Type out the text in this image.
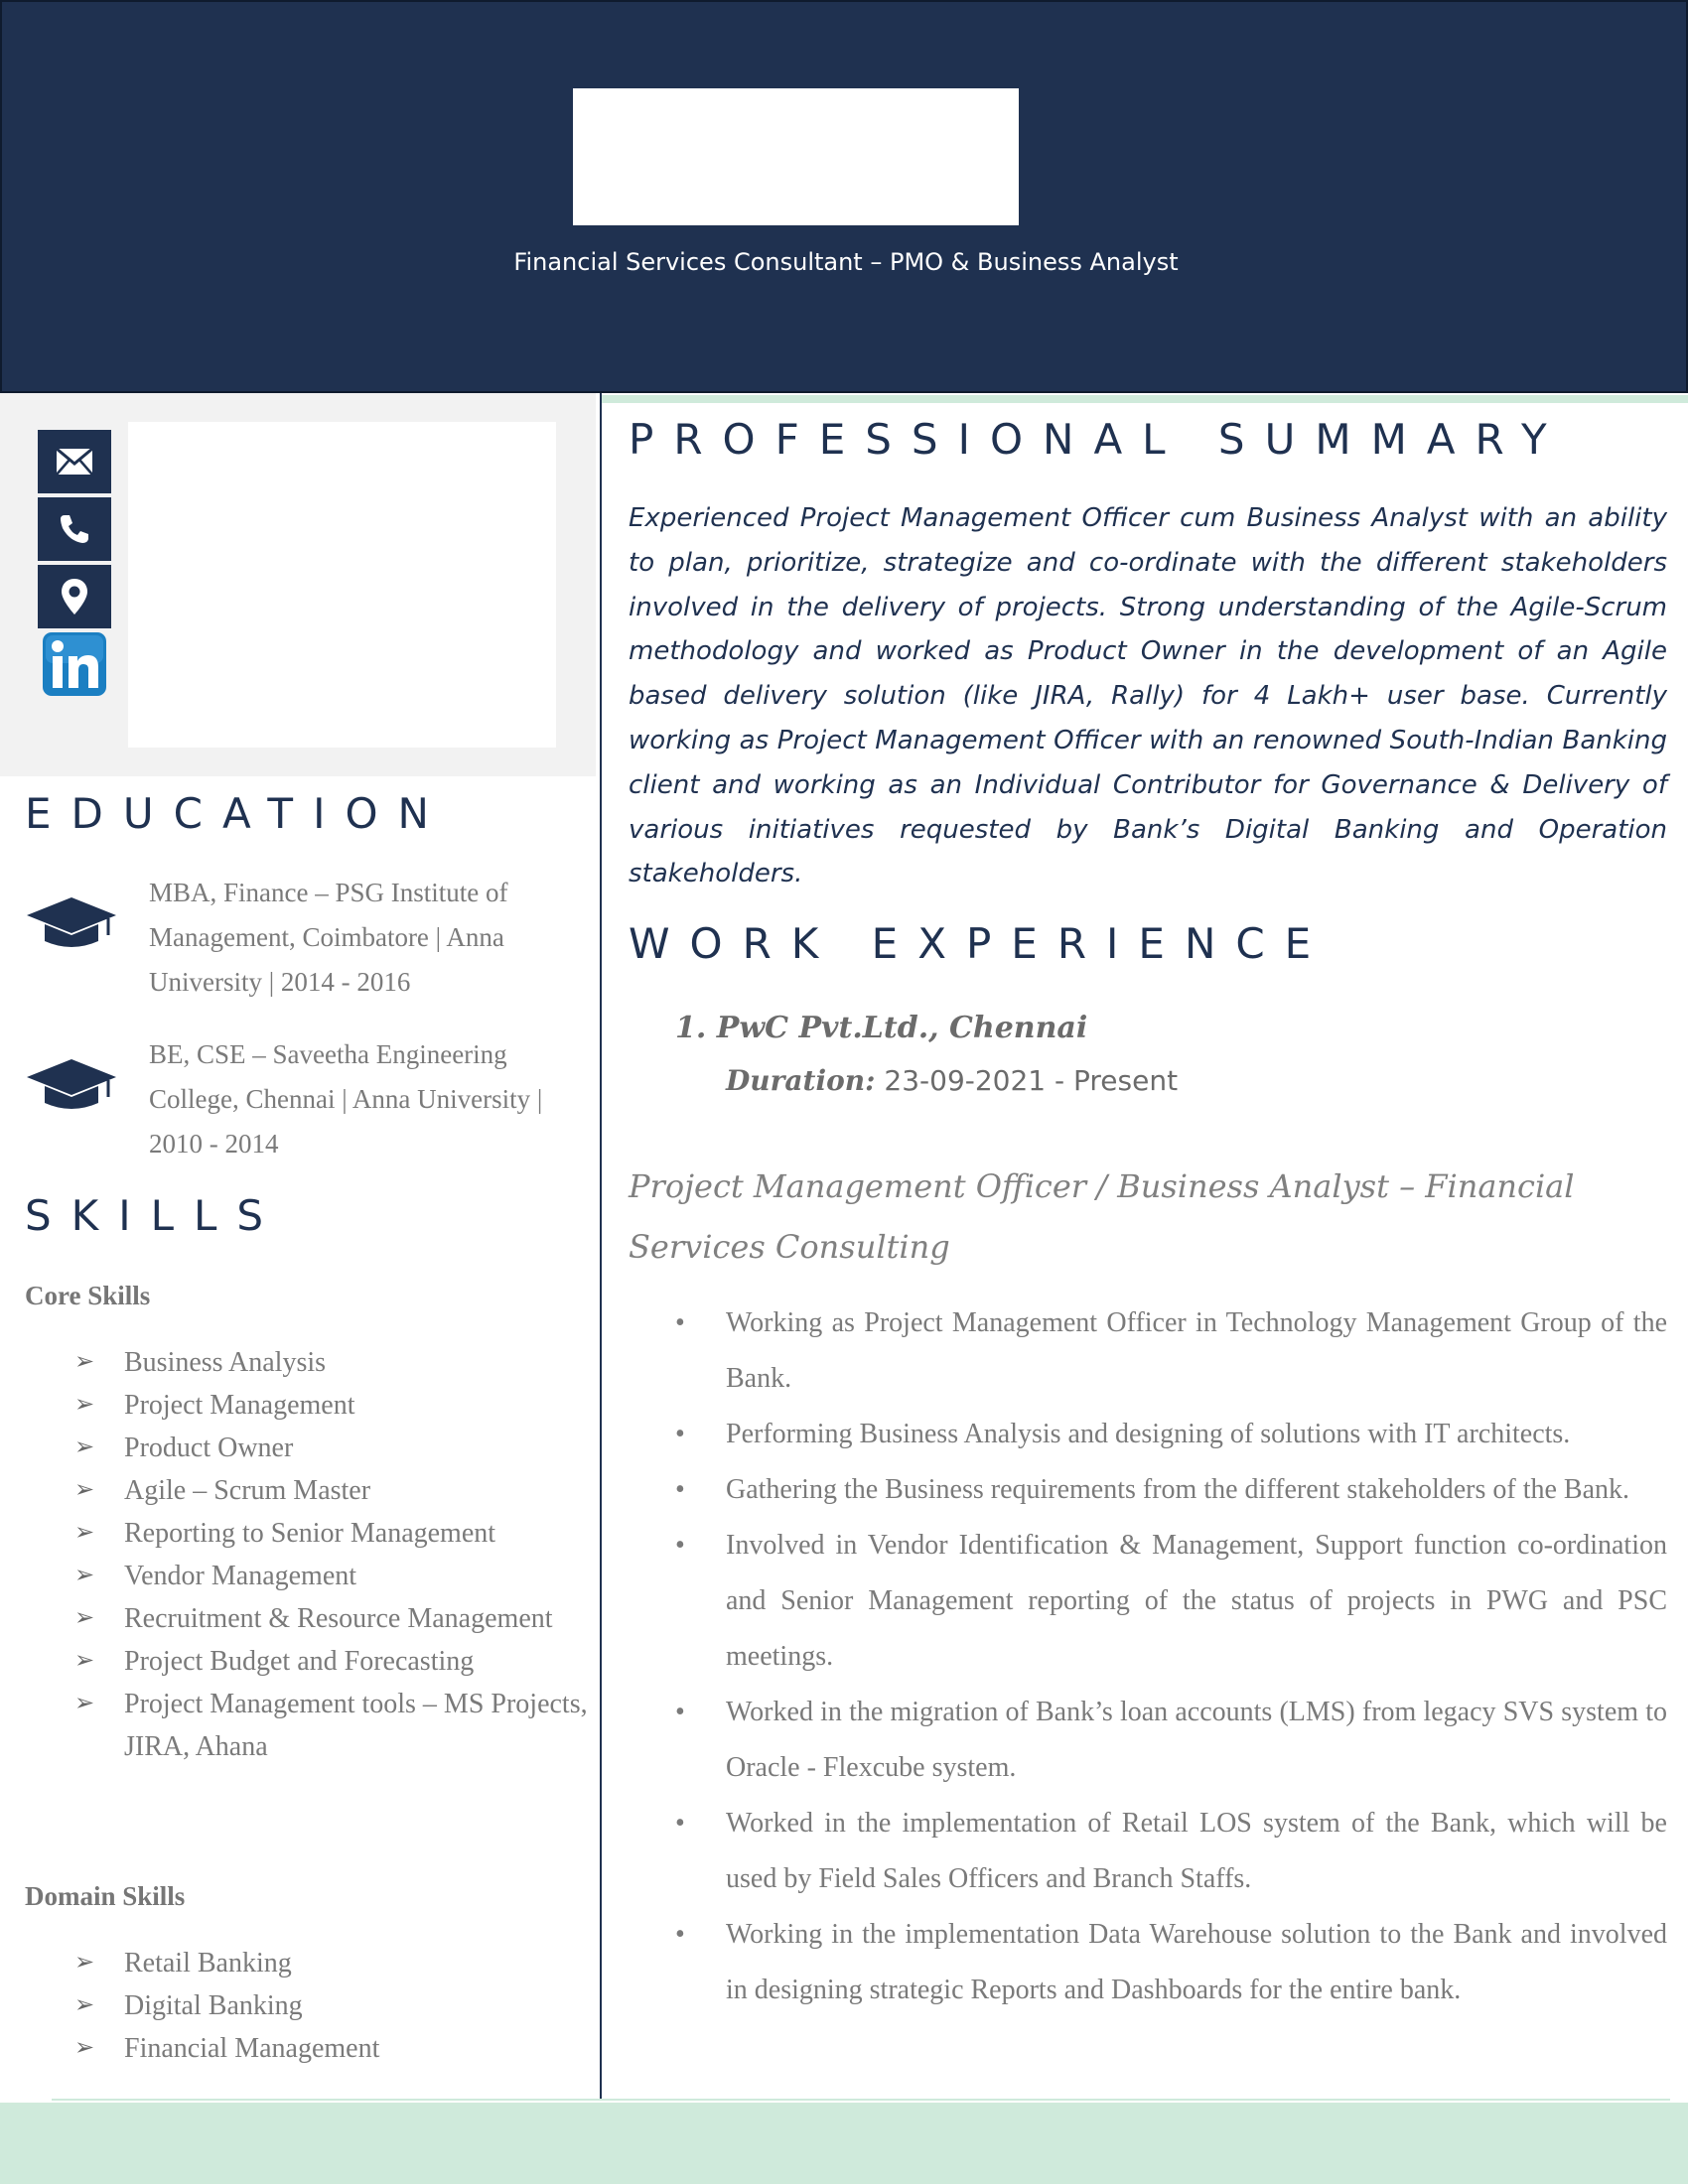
Financial Services Consultant – PMO & Business Analyst
EDUCATION
MBA, Finance – PSG Institute of Management, Coimbatore | Anna University | 2014 - 2016
BE, CSE – Saveetha Engineering College, Chennai | Anna University | 2010 - 2014
SKILLS
Core Skills
➢ Business Analysis
➢ Project Management
➢ Product Owner
➢ Agile – Scrum Master
➢ Reporting to Senior Management
➢ Vendor Management
➢ Recruitment & Resource Management
➢ Project Budget and Forecasting
➢ Project Management tools – MS Projects, JIRA, Ahana
Domain Skills
➢ Retail Banking
➢ Digital Banking
➢ Financial Management
PROFESSIONAL SUMMARY
Experienced Project Management Officer cum Business Analyst with an ability to plan, prioritize, strategize and co-ordinate with the different stakeholders involved in the delivery of projects. Strong understanding of the Agile-Scrum methodology and worked as Product Owner in the development of an Agile based delivery solution (like JIRA, Rally) for 4 Lakh+ user base. Currently working as Project Management Officer with an renowned South-Indian Banking client and working as an Individual Contributor for Governance & Delivery of various initiatives requested by Bank’s Digital Banking and Operation stakeholders.
WORK EXPERIENCE
1. PwC Pvt.Ltd., Chennai
Duration: 23-09-2021 - Present
Project Management Officer / Business Analyst – Financial Services Consulting
• Working as Project Management Officer in Technology Management Group of the Bank.
• Performing Business Analysis and designing of solutions with IT architects.
• Gathering the Business requirements from the different stakeholders of the Bank.
• Involved in Vendor Identification & Management, Support function co-ordination and Senior Management reporting of the status of projects in PWG and PSC meetings.
• Worked in the migration of Bank’s loan accounts (LMS) from legacy SVS system to Oracle - Flexcube system.
• Worked in the implementation of Retail LOS system of the Bank, which will be used by Field Sales Officers and Branch Staffs.
• Working in the implementation Data Warehouse solution to the Bank and involved in designing strategic Reports and Dashboards for the entire bank.
